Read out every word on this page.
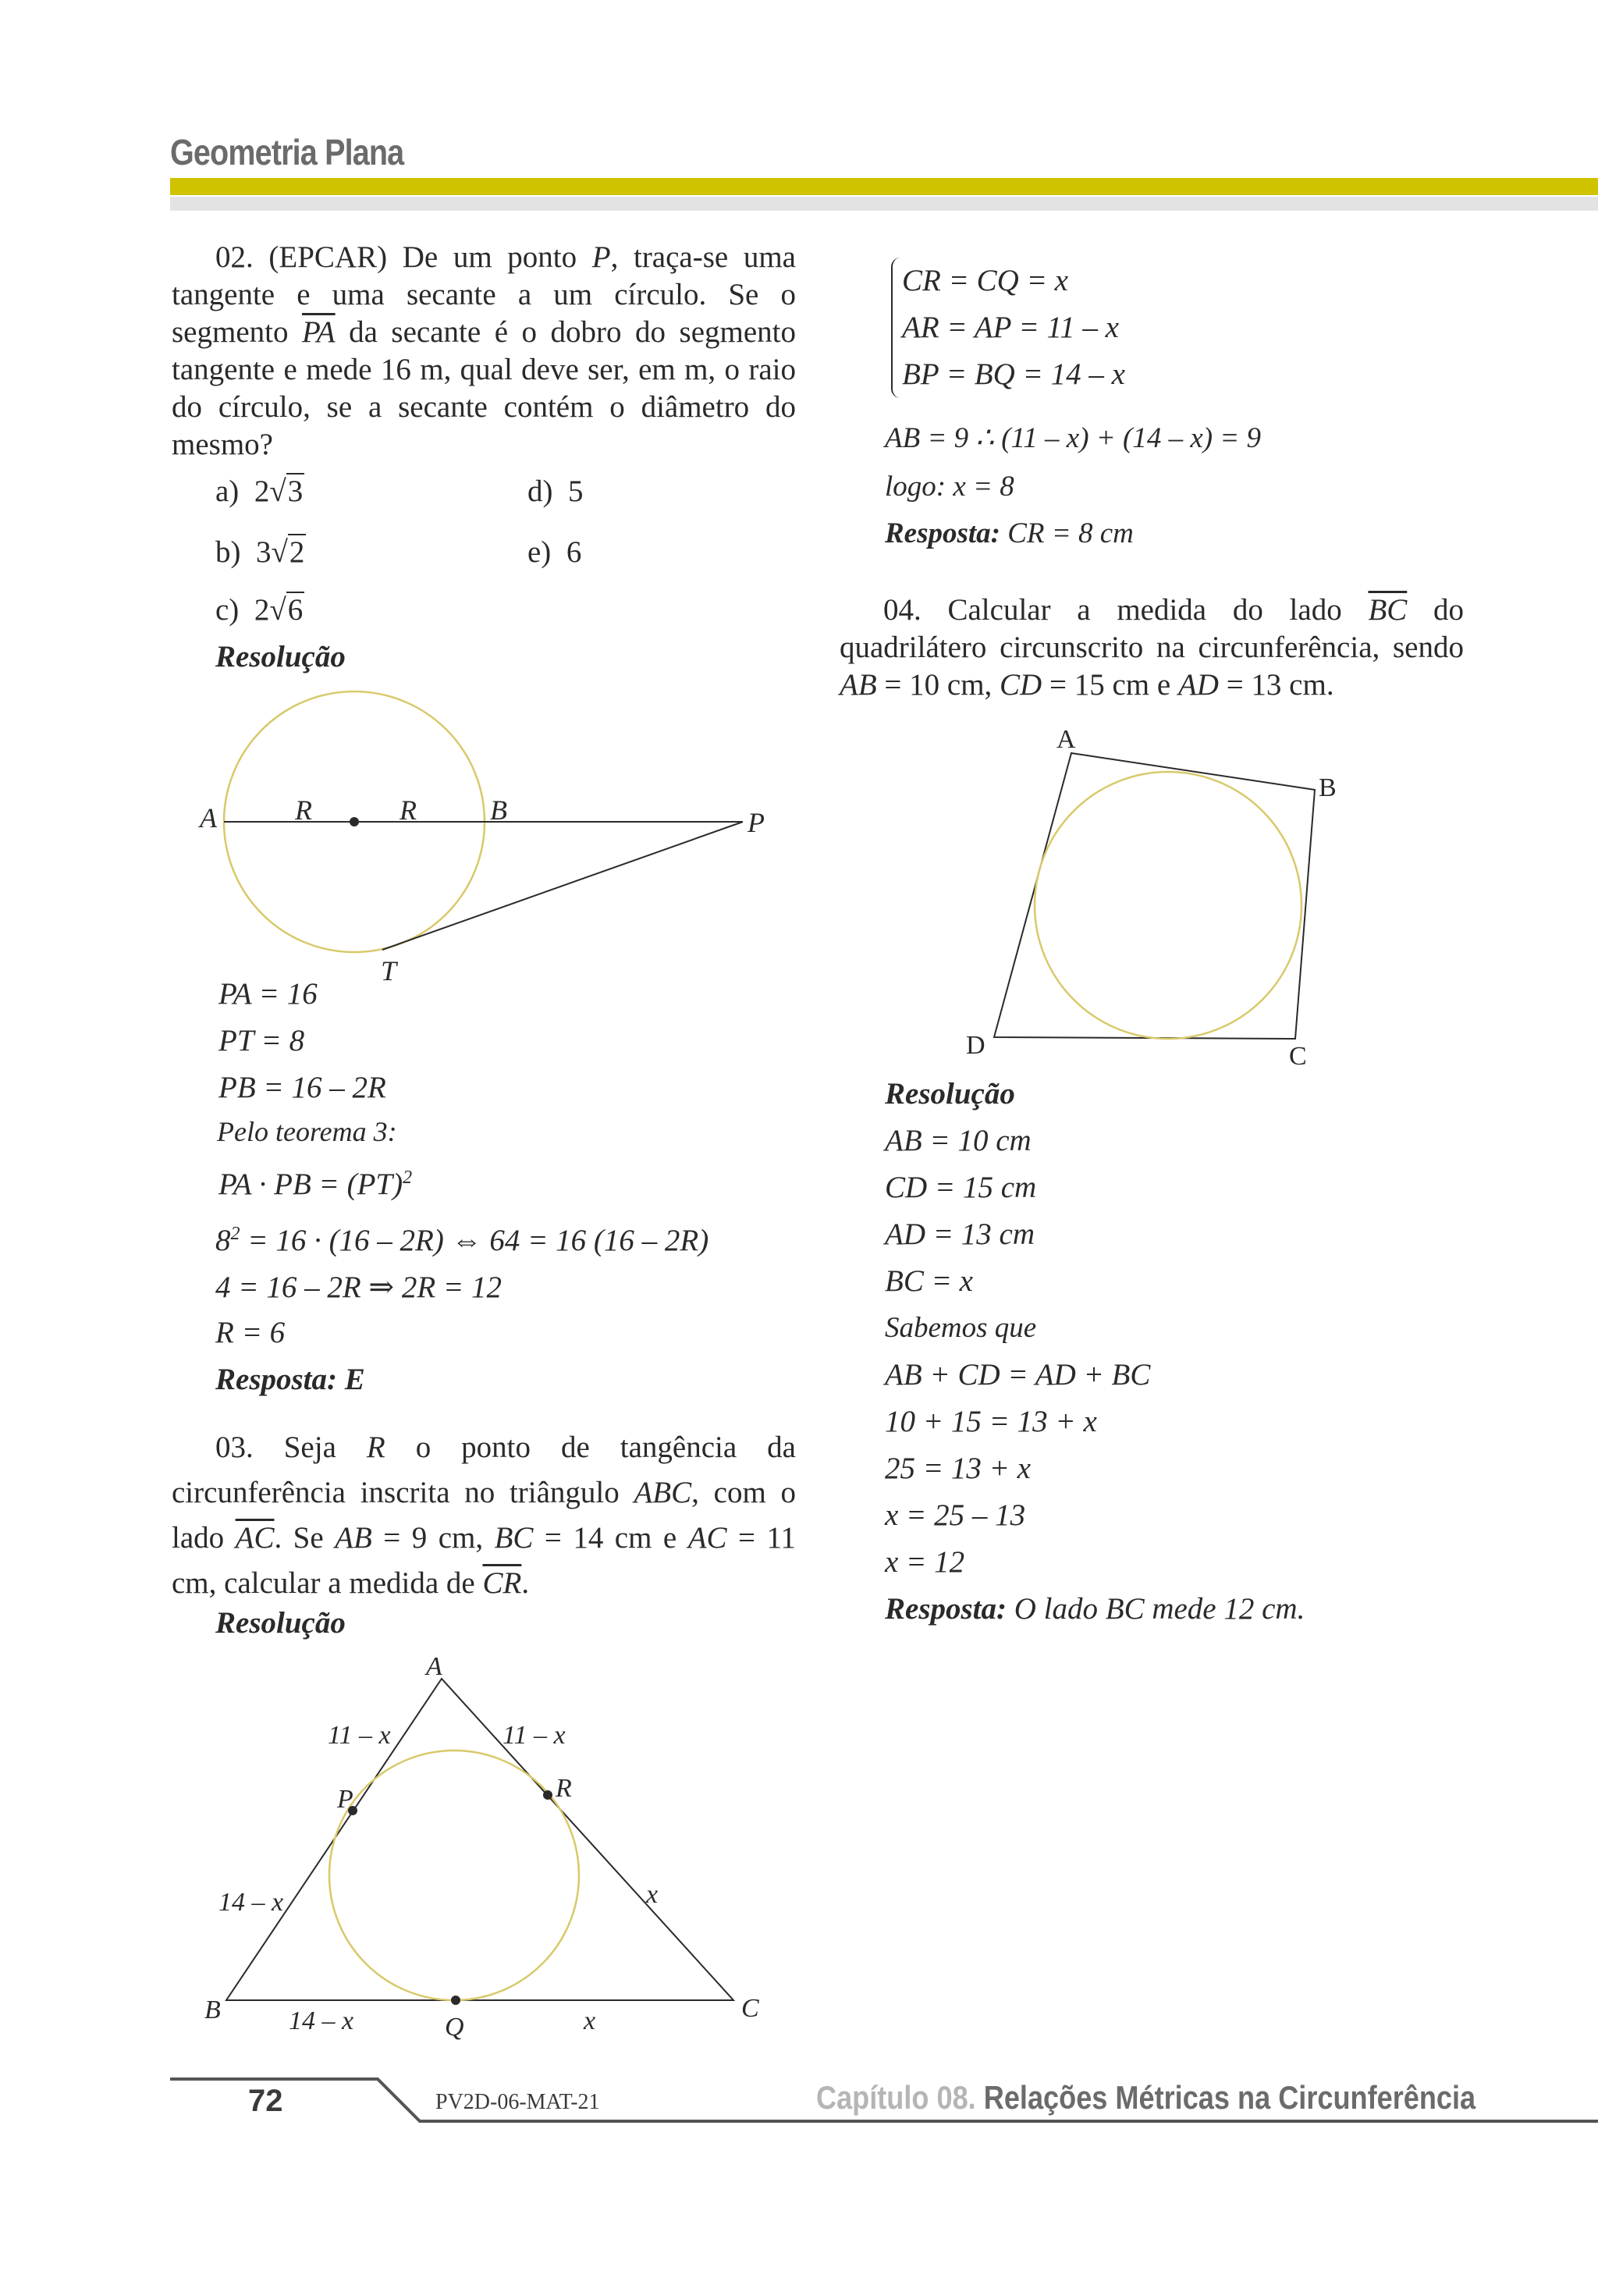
Geometria Plana
02. (EPCAR) De um ponto P, traça-se uma tangente e uma secante a um círculo. Se o segmento $\overline{PA}$ da secante é o dobro do segmento tangente e mede 16 m, qual deve ser, em m, o raio do círculo, se a secante contém o diâmetro do mesmo?
a) 2√3
b) 3√2
c) 2√6
d) 5
e) 6
Resolução
A	R	R	B	P
T
PA = 16
PT = 8
PB = 16 – 2R
Pelo teorema 3:
PA · PB = (PT)$^2$
$8^2 = 16 \cdot (16 - 2R)$ ⇔ 64 = 16 (16 – 2R)
4 = 16 – 2R ⇒ 2R = 12
R = 6
Resposta: E
03. Seja R o ponto de tangência da circunferência inscrita no triângulo ABC, com o lado $\overline{AC}$. Se AB = 9 cm, BC = 14 cm e AC = 11 cm, calcular a medida de $\overline{CR}$.
Resolução
A
B	C
P	R
Q
11 – x	11 – x
14 – x
14 – x
x
x
CR = CQ = x
AR = AP = 11 – x
BP = BQ = 14 – x
AB = 9 ∴ (11 – x) + (14 – x) = 9
logo: x = 8
Resposta: CR = 8 cm
04. Calcular a medida do lado $\overline{BC}$ do quadrilátero circunscrito na circunferência, sendo AB = 10 cm, CD = 15 cm e AD = 13 cm.
A
B
C
D
Resolução
AB = 10 cm
CD = 15 cm
AD = 13 cm
BC = x
Sabemos que
AB + CD = AD + BC
10 + 15 = 13 + x
25 = 13 + x
x = 25 – 13
x = 12
Resposta: O lado BC mede 12 cm.
72	PV2D-06-MAT-21	Capítulo 08. Relações Métricas na Circunferência
